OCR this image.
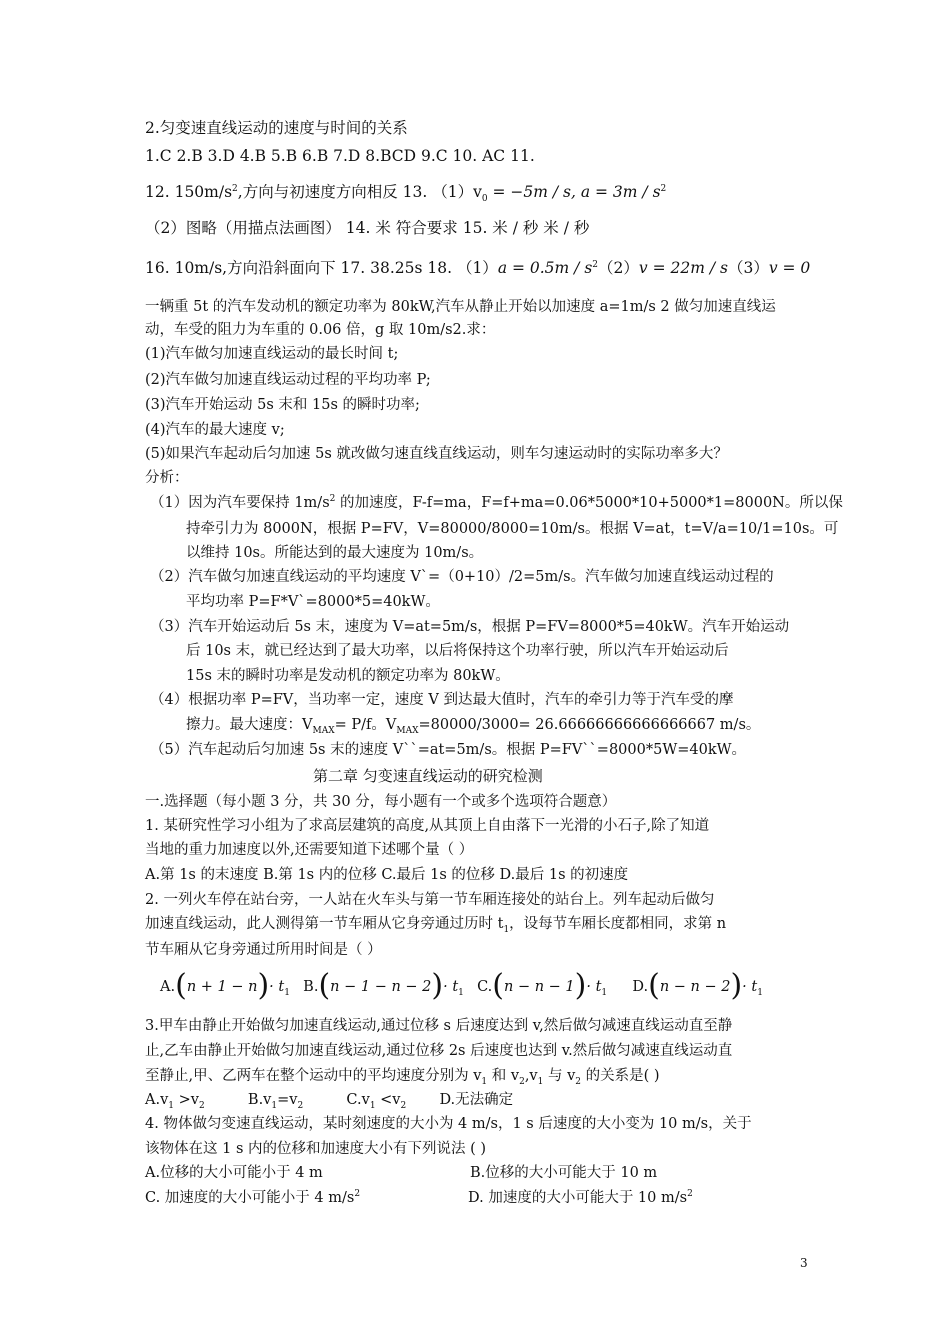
2.匀变速直线运动的速度与时间的关系
1.C 2.B 3.D 4.B 5.B 6.B 7.D 8.BCD 9.C 10. AC 11.
12. $150m/s^2$,方向与初速度方向相反 13. $(1)v_0 = -5m / s$, $a = 3m / s^2$
（2）图略（用描点法画图） 14. 米 符合要求 15. 米 / 秒 米 / 秒
16. 10m/s,方向沿斜面向下 17. 38.25s 18. $(1)a = 0.5m / s^2(2)v = 22m / s(3)v = 0$
一辆重 5t 的汽车发动机的额定功率为 80kW,汽车从静止开始以加速度 a=1m/s 2 做匀加速直线运
动，车受的阻力为车重的 0.06 倍，g 取 10m/s2.求：
(1)汽车做匀加速直线运动的最长时间 t;
(2)汽车做匀加速直线运动过程的平均功率 P;
(3)汽车开始运动 5s 末和 15s 的瞬时功率;
(4)汽车的最大速度 v;
(5)如果汽车起动后匀加速 5s 就改做匀速直线直线运动，则车匀速运动时的实际功率多大？
分析：
（1）因为汽车要保持 $1m/s^2$ 的加速度，F-f=ma，F=f+ma=0.06*5000*10+5000*1=8000N。所以保
持牵引力为 8000N，根据 P=FV，V=80000/8000=10m/s。根据 V=at，t=V/a=10/1=10s。可
以维持 10s。所能达到的最大速度为 10m/s。
（2）汽车做匀加速直线运动的平均速度 V`=（0+10）/2=5m/s。汽车做匀加速直线运动过程的
平均功率 P=F*V`=8000*5=40kW。
（3）汽车开始运动后 5s 末，速度为 V=at=5m/s，根据 P=FV=8000*5=40kW。汽车开始运动
后 10s 末，就已经达到了最大功率，以后将保持这个功率行驶，所以汽车开始运动后
15s 末的瞬时功率是发动机的额定功率为 80kW。
（4）根据功率 P=FV，当功率一定，速度 V 到达最大值时，汽车的牵引力等于汽车受的摩
擦力。最大速度：$V_{MAX}= P/f$。$V_{MAX}=80000/3000= 26.66666666666666667$ m/s。
（5）汽车起动后匀加速 5s 末的速度 V``=at=5m/s。根据 P=FV``=8000*5W=40kW。
第二章 匀变速直线运动的研究检测
一.选择题（每小题 3 分，共 30 分，每小题有一个或多个选项符合题意）
1. 某研究性学习小组为了求高层建筑的高度,从其顶上自由落下一光滑的小石子,除了知道
当地的重力加速度以外,还需要知道下述哪个量（ ）
A.第 1s 的末速度 B.第 1s 内的位移 C.最后 1s 的位移 D.最后 1s 的初速度
2. 一列火车停在站台旁，一人站在火车头与第一节车厢连接处的站台上。列车起动后做匀
加速直线运动，此人测得第一节车厢从它身旁通过历时 $t_1$，设每节车厢长度都相同，求第 n
节车厢从它身旁通过所用时间是（ ）
$A.(n + 1 - n)\cdot t_1$ $B.(n - 1 - n - 2)\cdot t_1$ $C.(n - n - 1)\cdot t_1$ $D.(n - n - 2)\cdot t_1$
3.甲车由静止开始做匀加速直线运动,通过位移 s 后速度达到 v,然后做匀减速直线运动直至静
止,乙车由静止开始做匀加速直线运动,通过位移 2s 后速度也达到 v.然后做匀减速直线运动直
至静止,甲、乙两车在整个运动中的平均速度分别为 $v_1$ 和 $v_2,v_1$ 与 $v_2$ 的关系是( )
$A.v_1 >v_2$	$B.v_1=v_2$	$C.v_1 <v_2$ D.无法确定
4. 物体做匀变速直线运动，某时刻速度的大小为 4 m/s，1 s 后速度的大小变为 10 m/s，关于
该物体在这 1 s 内的位移和加速度大小有下列说法 ( )
A.位移的大小可能小于 4 m	B.位移的大小可能大于 10 m
C. 加速度的大小可能小于 4 $m/s^2$	D. 加速度的大小可能大于 10 $m/s^2$
3
